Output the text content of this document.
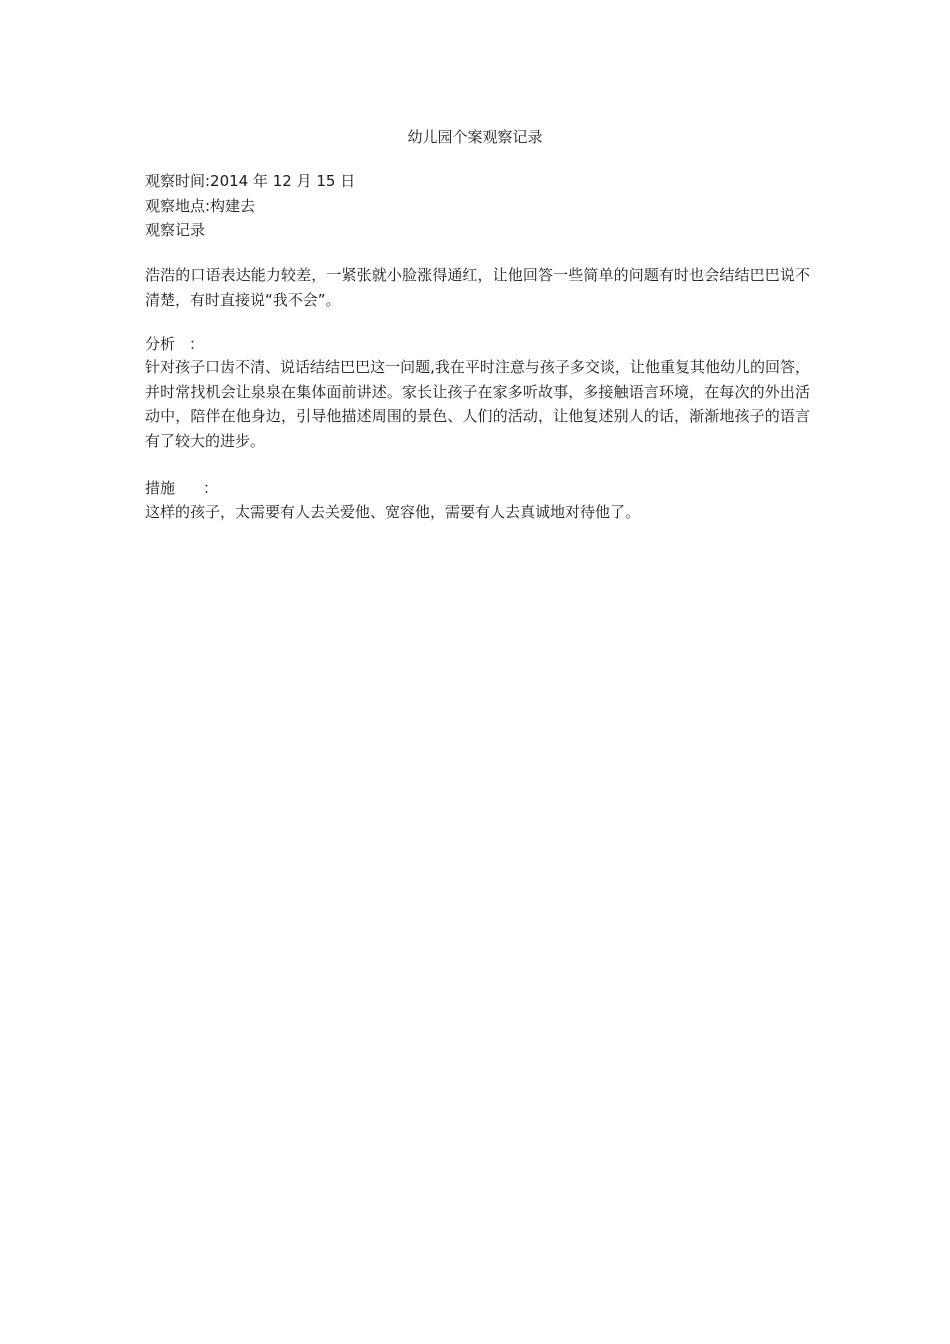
幼儿园个案观察记录
观察时间:2014 年 12 月 15 日
观察地点:构建去
观察记录
浩浩的口语表达能力较差，一紧张就小脸涨得通红，让他回答一些简单的问题有时也会结结巴巴说不清楚，有时直接说“我不会”。
分析 ：
针对孩子口齿不清、说话结结巴巴这一问题,我在平时注意与孩子多交谈，让他重复其他幼儿的回答，并时常找机会让泉泉在集体面前讲述。家长让孩子在家多听故事，多接触语言环境，在每次的外出活动中，陪伴在他身边，引导他描述周围的景色、人们的活动，让他复述别人的话，渐渐地孩子的语言有了较大的进步。
措施 ：
这样的孩子，太需要有人去关爱他、宽容他，需要有人去真诚地对待他了。
